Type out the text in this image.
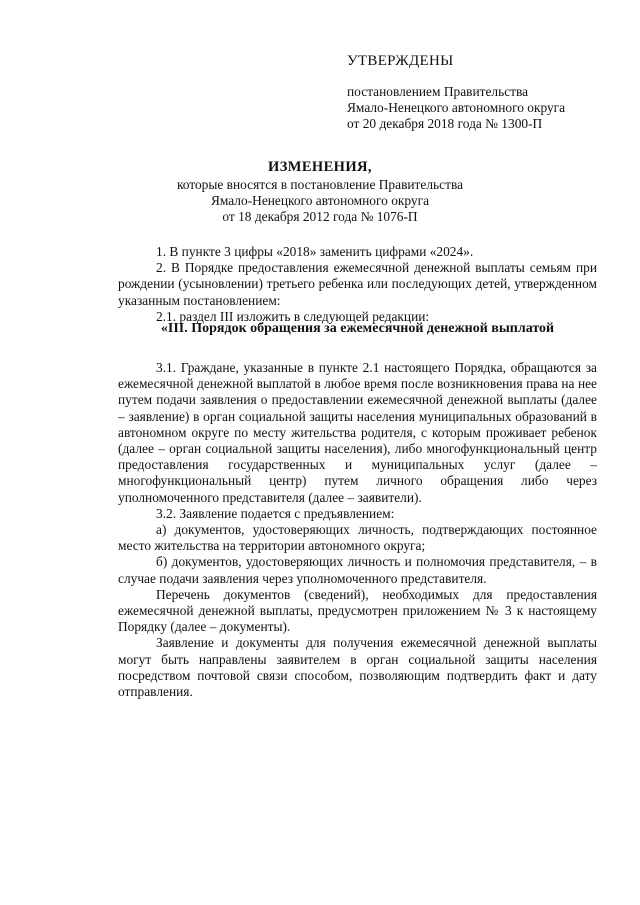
УТВЕРЖДЕНЫ

постановлением Правительства

Ямало-Ненецкого автономного округа

от 20 декабря 2018 года № 1300-П

ИЗМЕНЕНИЯ,

которые вносятся в постановление Правительства

Ямало-Ненецкого автономного округа

от 18 декабря 2012 года № 1076-П

1. В пункте 3 цифры «2018» заменить цифрами «2024».

2. В Порядке предоставления ежемесячной денежной выплаты семьям при рождении (усыновлении) третьего ребенка или последующих детей, утвержденном указанным постановлением:

2.1. раздел III изложить в следующей редакции:

«III. Порядок обращения за ежемесячной денежной выплатой

3.1. Граждане, указанные в пункте 2.1 настоящего Порядка, обращаются за ежемесячной денежной выплатой в любое время после возникновения права на нее путем подачи заявления о предоставлении ежемесячной денежной выплаты (далее – заявление) в орган социальной защиты населения муниципальных образований в автономном округе по месту жительства родителя, с которым проживает ребенок (далее – орган социальной защиты населения), либо многофункциональный центр предоставления государственных и муниципальных услуг (далее – многофункциональный центр) путем личного обращения либо через уполномоченного представителя (далее – заявители).

3.2. Заявление подается с предъявлением:

а) документов, удостоверяющих личность, подтверждающих постоянное место жительства на территории автономного округа;

б) документов, удостоверяющих личность и полномочия представителя, – в случае подачи заявления через уполномоченного представителя.

Перечень документов (сведений), необходимых для предоставления ежемесячной денежной выплаты, предусмотрен приложением № 3 к настоящему Порядку (далее – документы).

Заявление и документы для получения ежемесячной денежной выплаты могут быть направлены заявителем в орган социальной защиты населения посредством почтовой связи способом, позволяющим подтвердить факт и дату отправления.
